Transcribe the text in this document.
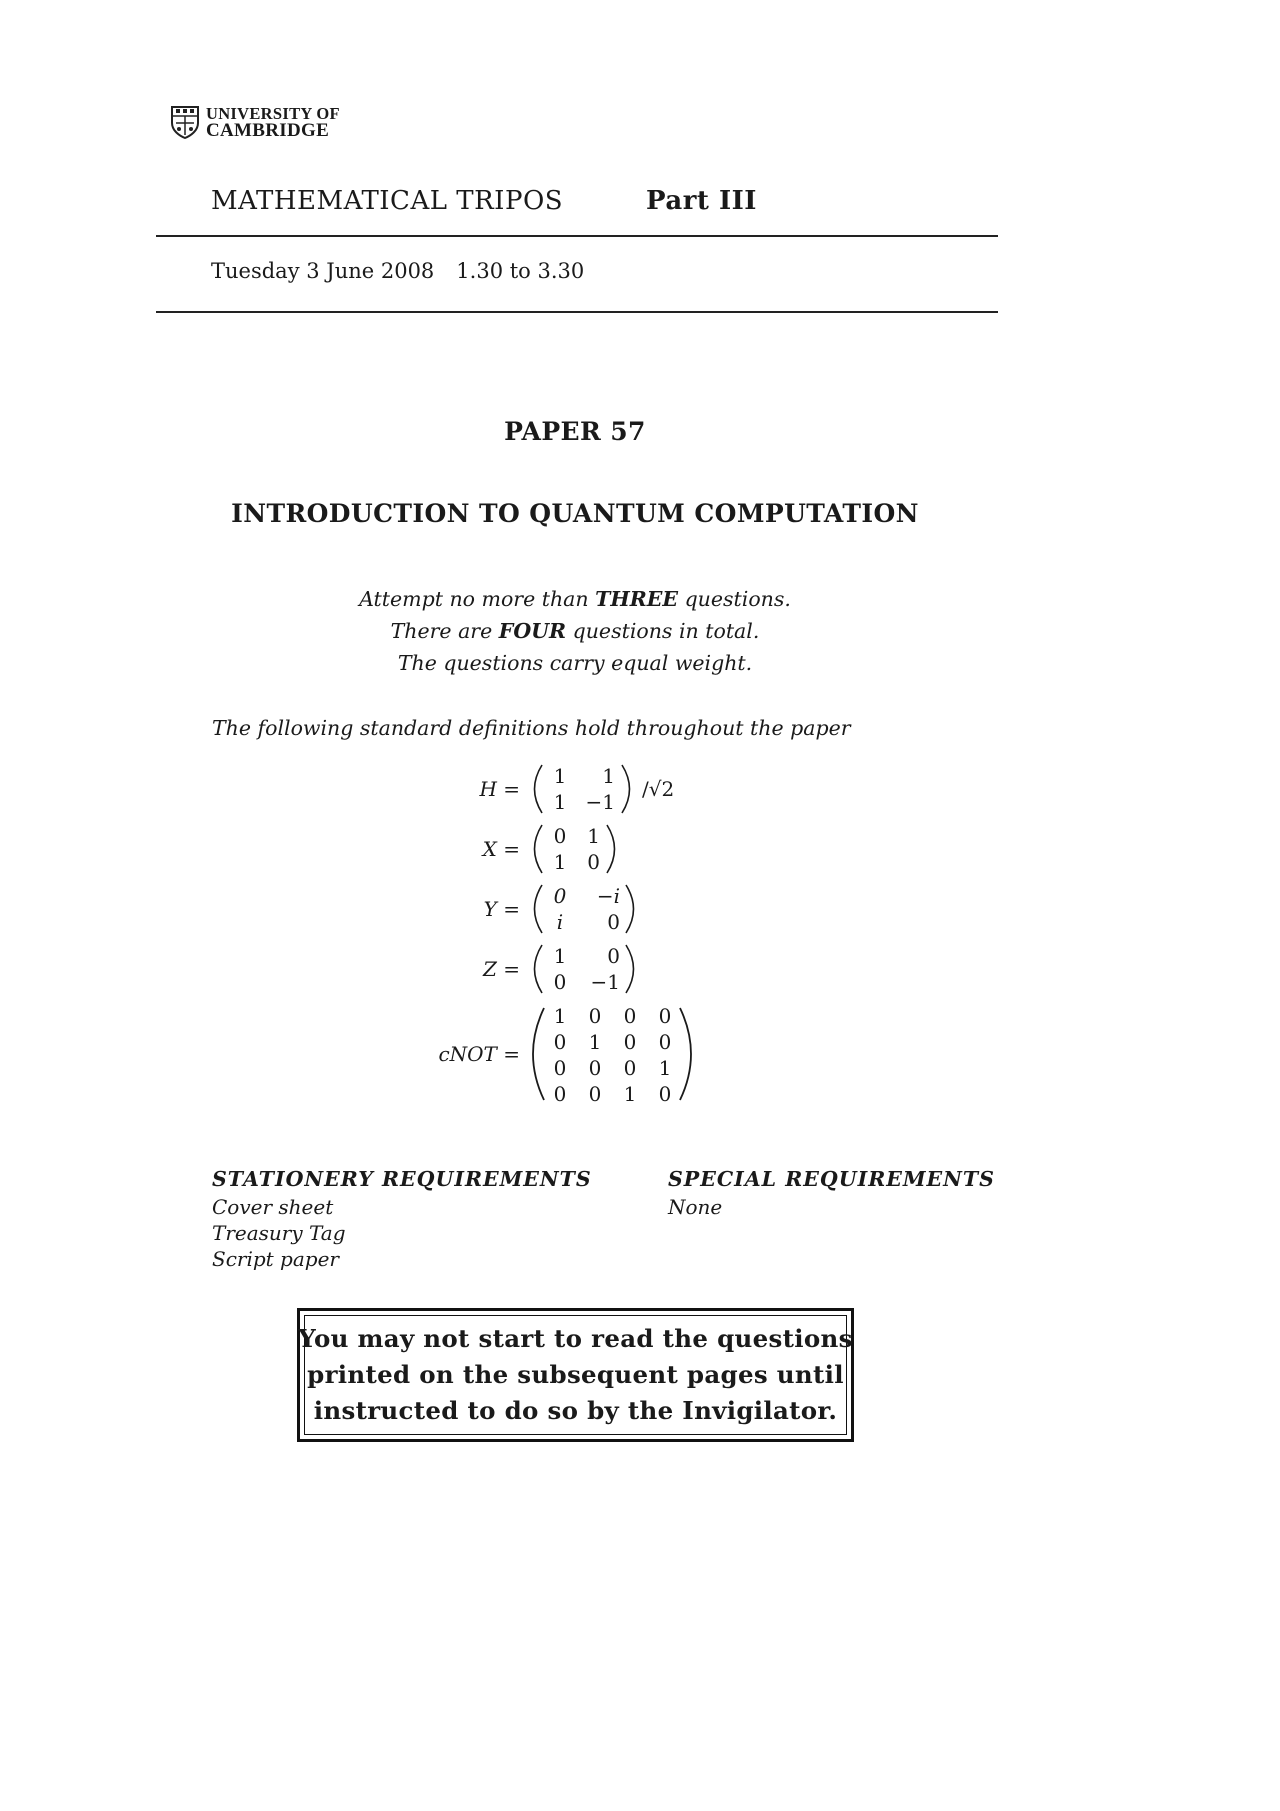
UNIVERSITY OF
CAMBRIDGE
MATHEMATICAL TRIPOS	Part III
Tuesday 3 June 2008 1.30 to 3.30
PAPER 57
INTRODUCTION TO QUANTUM COMPUTATION
Attempt no more than THREE questions.
There are FOUR questions in total.
The questions carry equal weight.
The following standard definitions hold throughout the paper
H =
1 1
1 −1
/√2
X =
0 1
1 0
Y =
0 −i
i 0
Z =
1 0
0 −1
cNOT =
1 0 0 0
0 1 0 0
0 0 0 1
0 0 1 0
STATIONERY REQUIREMENTS
Cover sheet
Treasury Tag
Script paper
SPECIAL REQUIREMENTS
None
You may not start to read the questions
printed on the subsequent pages until
instructed to do so by the Invigilator.
